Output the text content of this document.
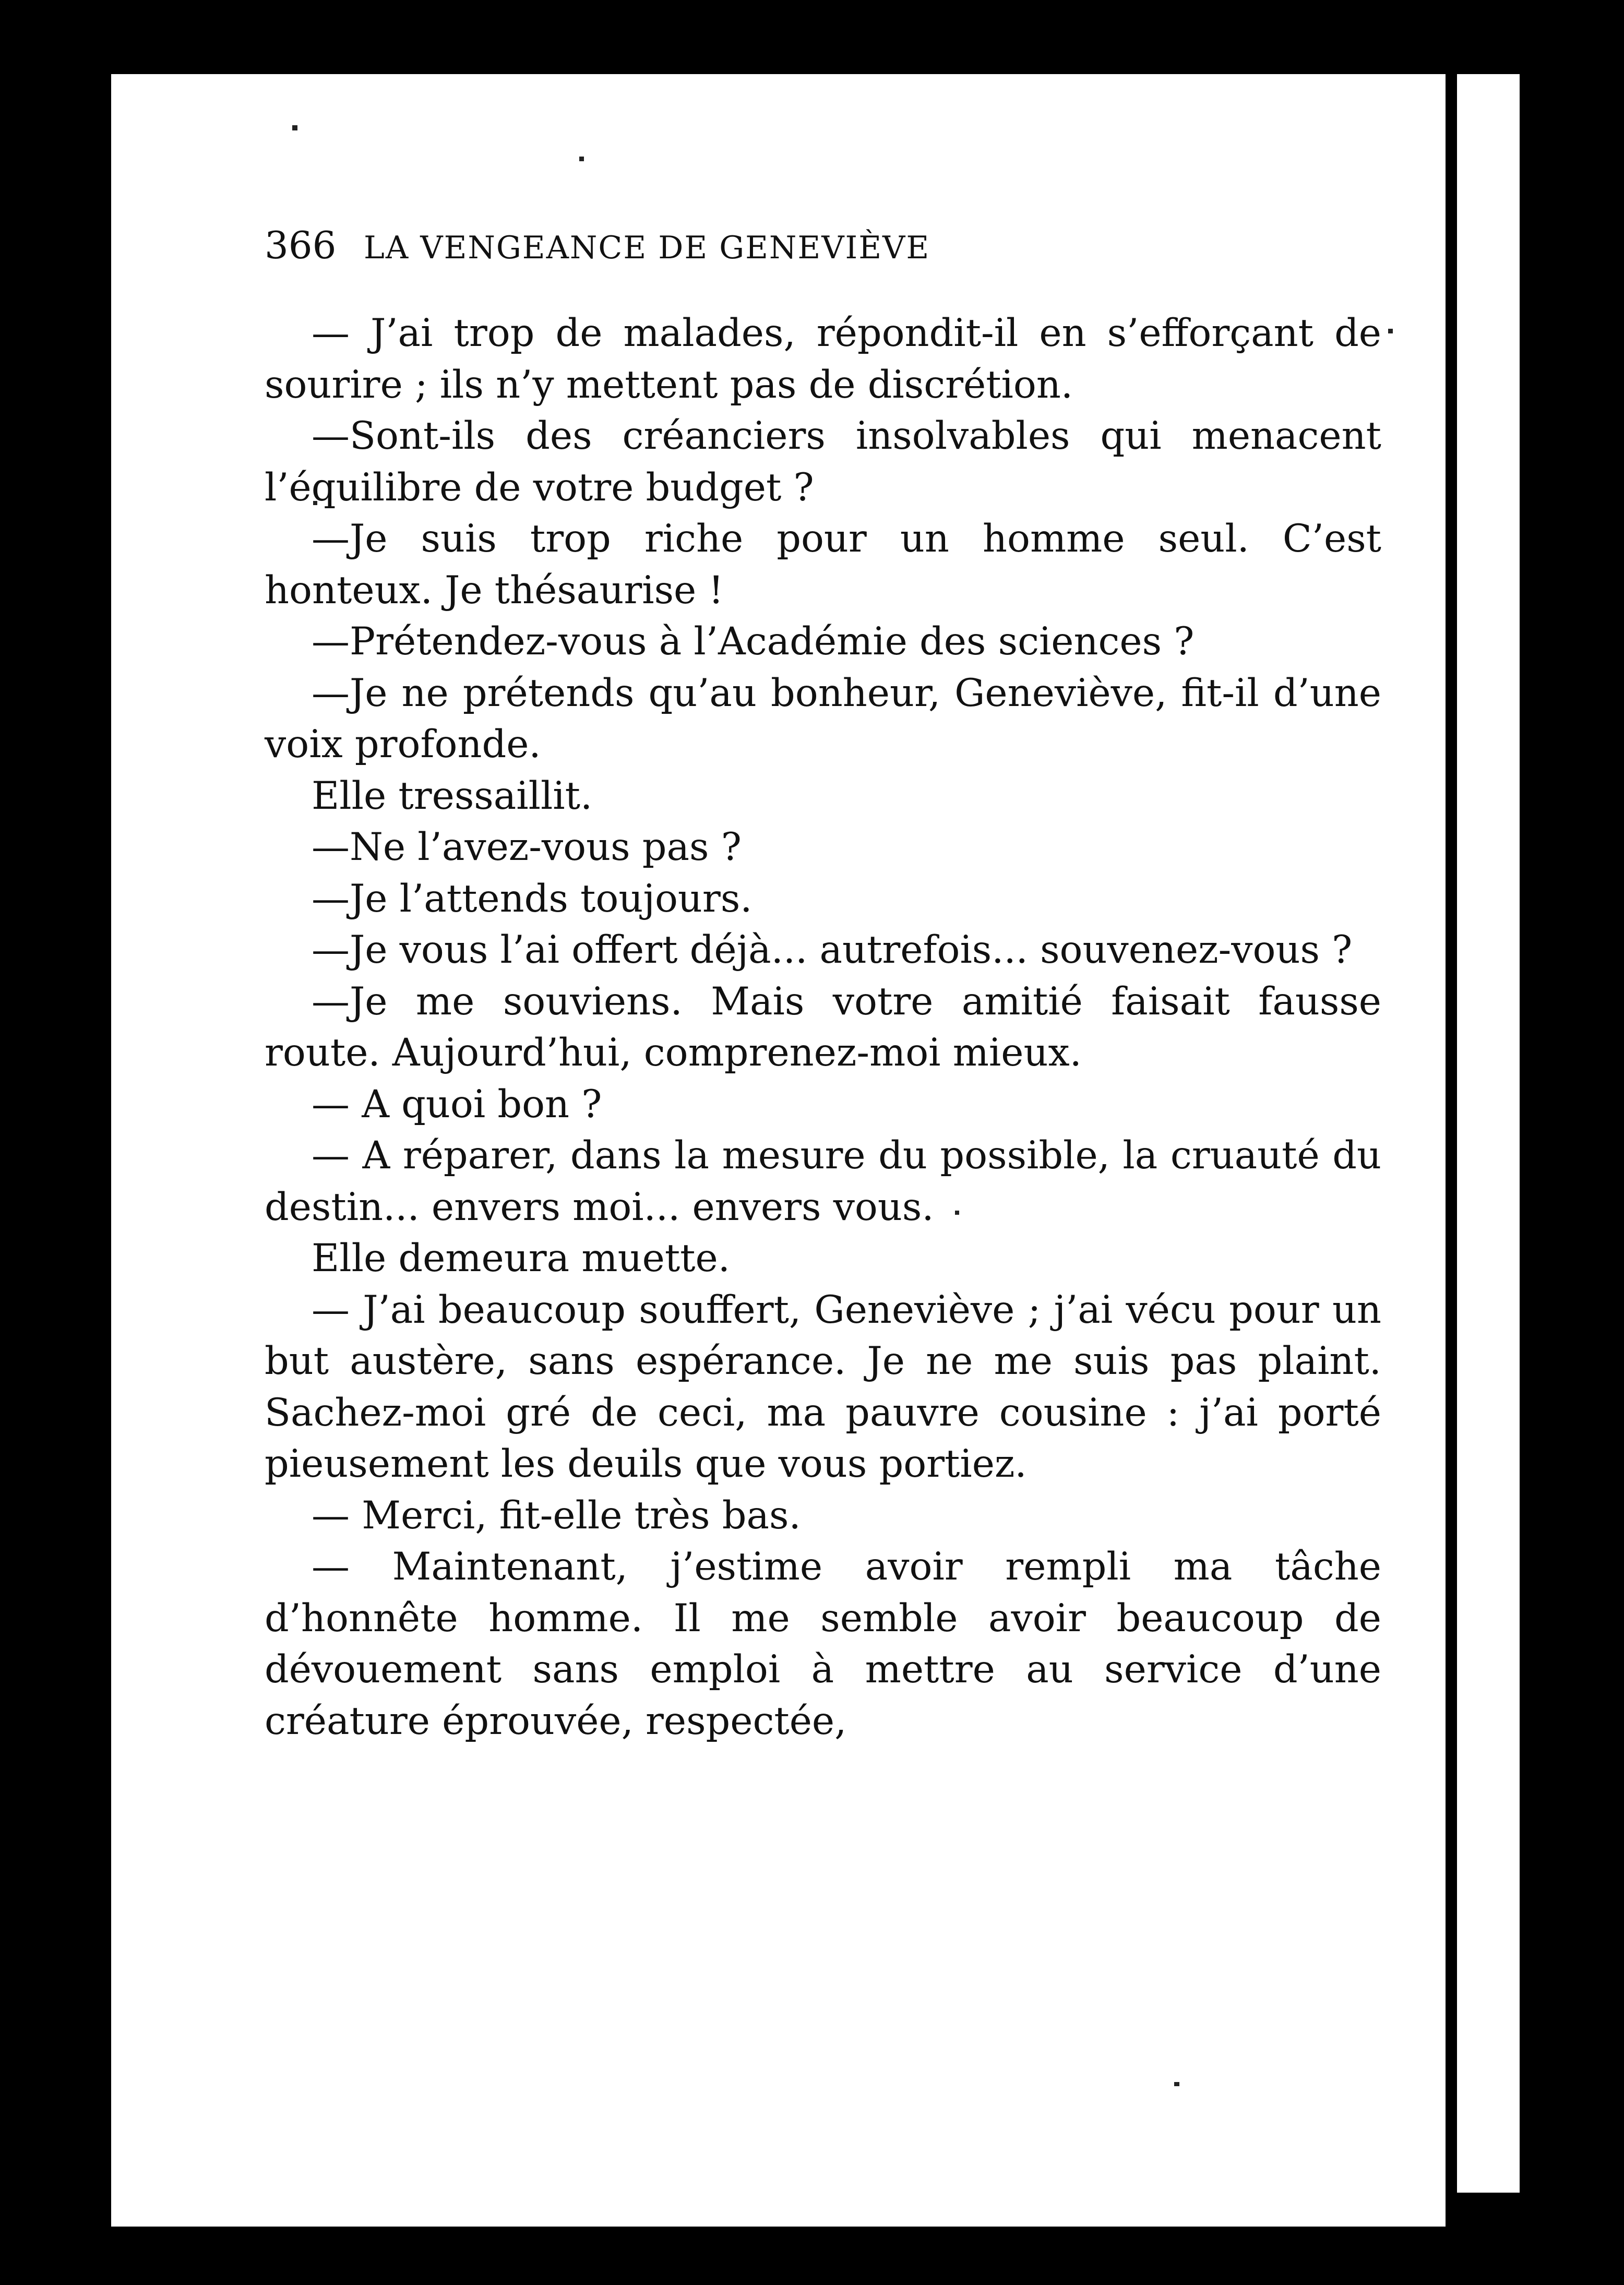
366 LA VENGEANCE DE GENEVIÈVE

— J’ai trop de malades, répondit-il en s’efforçant de sourire ; ils n’y mettent pas de discrétion.

—Sont-ils des créanciers insolvables qui menacent l’équilibre de votre budget ?

—Je suis trop riche pour un homme seul. C’est honteux. Je thésaurise !

—Prétendez-vous à l’Académie des sciences ?

—Je ne prétends qu’au bonheur, Geneviève, fit-il d’une voix profonde.

Elle tressaillit.

—Ne l’avez-vous pas ?

—Je l’attends toujours.

—Je vous l’ai offert déjà... autrefois... souvenez-vous ?

—Je me souviens. Mais votre amitié faisait fausse route. Aujourd’hui, comprenez-moi mieux.

— A quoi bon ?

— A réparer, dans la mesure du possible, la cruauté du destin... envers moi... envers vous.

Elle demeura muette.

— J’ai beaucoup souffert, Geneviève ; j’ai vécu pour un but austère, sans espérance. Je ne me suis pas plaint. Sachez-moi gré de ceci, ma pauvre cousine : j’ai porté pieusement les deuils que vous portiez.

— Merci, fit-elle très bas.

— Maintenant, j’estime avoir rempli ma tâche d’honnête homme. Il me semble avoir beaucoup de dévouement sans emploi à mettre au service d’une créature éprouvée, respectée,
